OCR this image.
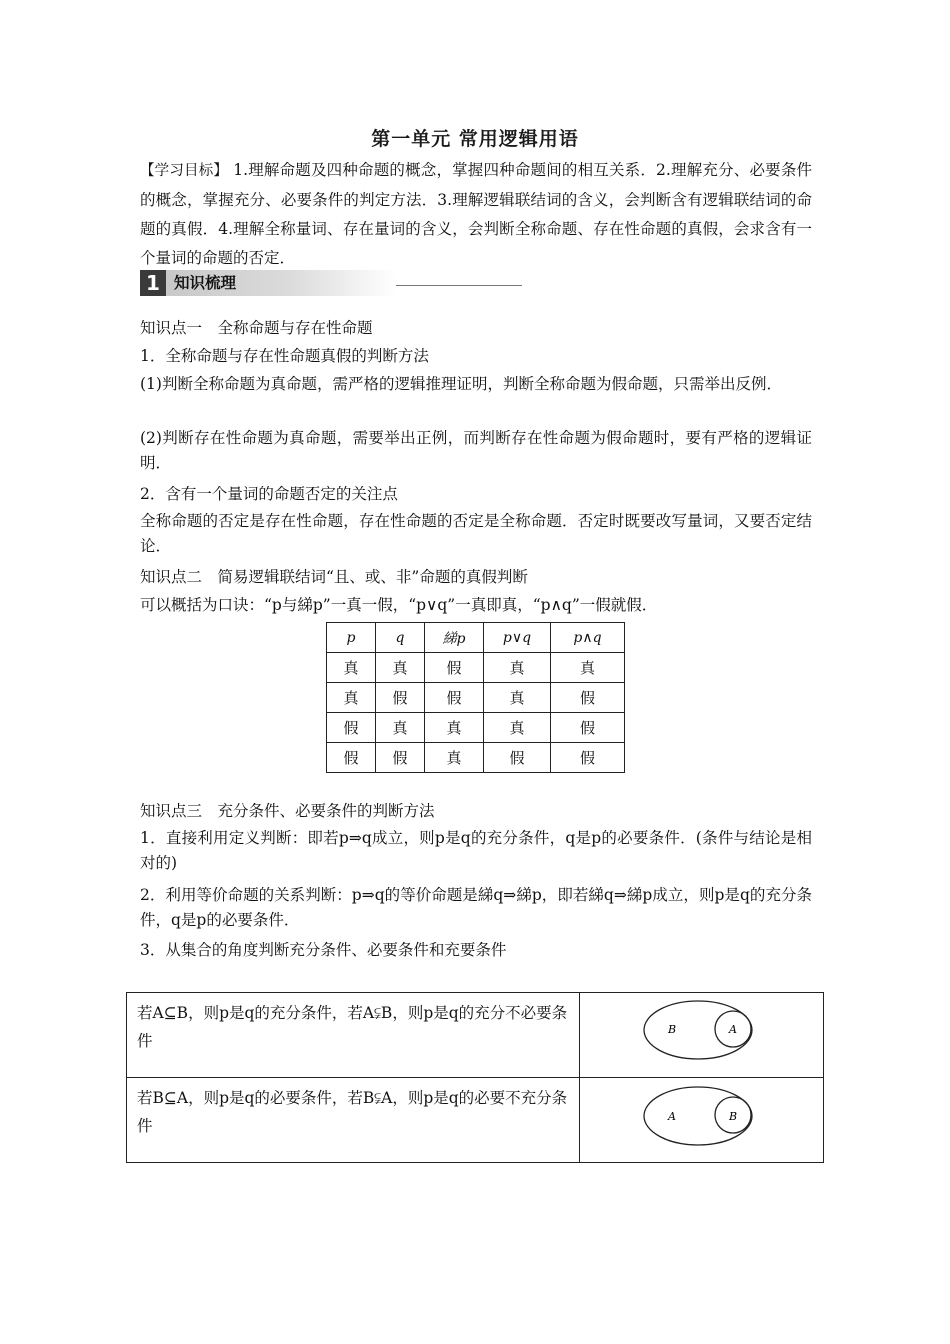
第一单元 常用逻辑用语
【学习目标】 1.理解命题及四种命题的概念，掌握四种命题间的相互关系．2.理解充分、必要条件的概念，掌握充分、必要条件的判定方法．3.理解逻辑联结词的含义，会判断含有逻辑联结词的命题的真假．4.理解全称量词、存在量词的含义，会判断全称命题、存在性命题的真假，会求含有一个量词的命题的否定．
1 知识梳理
知识点一　全称命题与存在性命题
1．全称命题与存在性命题真假的判断方法
(1)判断全称命题为真命题，需严格的逻辑推理证明，判断全称命题为假命题，只需举出反例．
(2)判断存在性命题为真命题，需要举出正例，而判断存在性命题为假命题时，要有严格的逻辑证明．
2．含有一个量词的命题否定的关注点
全称命题的否定是存在性命题，存在性命题的否定是全称命题．否定时既要改写量词，又要否定结论．
知识点二　简易逻辑联结词“且、或、非”命题的真假判断
可以概括为口诀：“p与綈p”一真一假，“p∨q”一真即真，“p∧q”一假就假．
p	q	綈p	p∨q	p∧q
真	真	假	真	真
真	假	假	真	假
假	真	真	真	假
假	假	真	假	假
知识点三　充分条件、必要条件的判断方法
1．直接利用定义判断：即若p⇒q成立，则p是q的充分条件，q是p的必要条件．(条件与结论是相对的)
2．利用等价命题的关系判断：p⇒q的等价命题是綈q⇒綈p，即若綈q⇒綈p成立，则p是q的充分条件，q是p的必要条件．
3．从集合的角度判断充分条件、必要条件和充要条件
若A⊆B，则p是q的充分条件，若A⫋B，则p是q的充分不必要条件	B A

若B⊆A，则p是q的必要条件，若B⫋A，则p是q的必要不充分条件	A B
